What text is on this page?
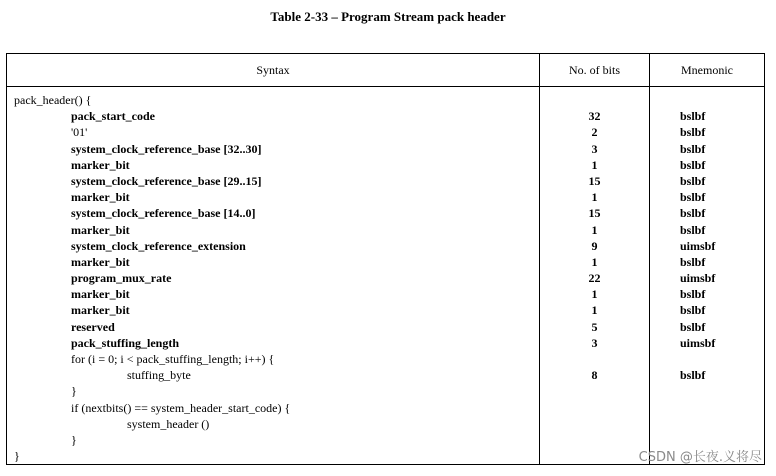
Table 2-33 – Program Stream pack header
Syntax	No. of bits	Mnemonic
pack_header() {
pack_start_code	32	bslbf
'01'	2	bslbf
system_clock_reference_base [32..30]	3	bslbf
marker_bit	1	bslbf
system_clock_reference_base [29..15]	15	bslbf
marker_bit	1	bslbf
system_clock_reference_base [14..0]	15	bslbf
marker_bit	1	bslbf
system_clock_reference_extension	9	uimsbf
marker_bit	1	bslbf
program_mux_rate	22	uimsbf
marker_bit	1	bslbf
marker_bit	1	bslbf
reserved	5	bslbf
pack_stuffing_length	3	uimsbf
for (i = 0; i < pack_stuffing_length; i++) {
stuffing_byte	8	bslbf
}
if (nextbits() == system_header_start_code) {
system_header ()
}
}	CSDN @长夜.义将尽
